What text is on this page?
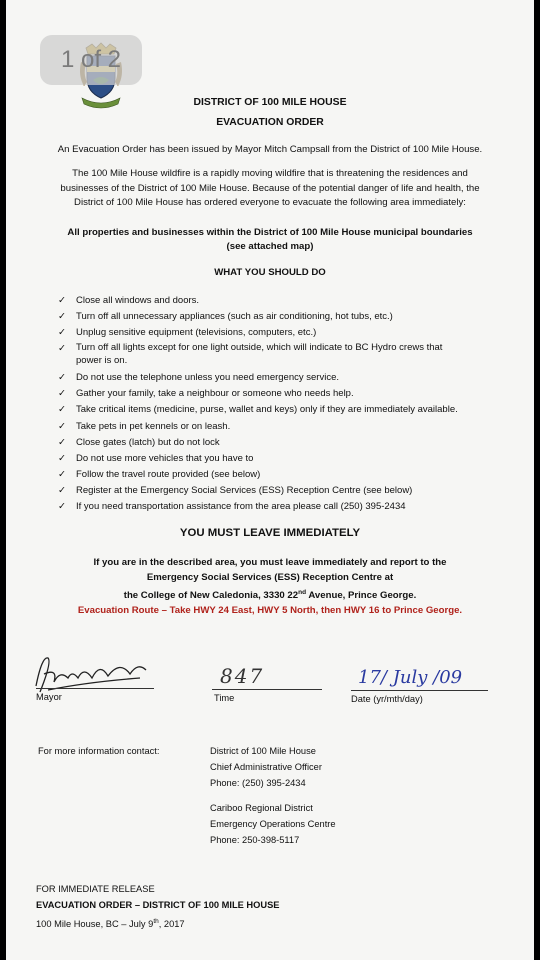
1 of 2
DISTRICT OF 100 MILE HOUSE
EVACUATION ORDER
An Evacuation Order has been issued by Mayor Mitch Campsall from the District of 100 Mile House.
The 100 Mile House wildfire is a rapidly moving wildfire that is threatening the residences and
businesses of the District of 100 Mile House. Because of the potential danger of life and health, the
District of 100 Mile House has ordered everyone to evacuate the following area immediately:
All properties and businesses within the District of 100 Mile House municipal boundaries
(see attached map)
WHAT YOU SHOULD DO
✓ Close all windows and doors.
✓ Turn off all unnecessary appliances (such as air conditioning, hot tubs, etc.)
✓ Unplug sensitive equipment (televisions, computers, etc.)
✓ Turn off all lights except for one light outside, which will indicate to BC Hydro crews that
power is on.
✓ Do not use the telephone unless you need emergency service.
✓ Gather your family, take a neighbour or someone who needs help.
✓ Take critical items (medicine, purse, wallet and keys) only if they are immediately available.
✓ Take pets in pet kennels or on leash.
✓ Close gates (latch) but do not lock
✓ Do not use more vehicles that you have to
✓ Follow the travel route provided (see below)
✓ Register at the Emergency Social Services (ESS) Reception Centre (see below)
✓ If you need transportation assistance from the area please call (250) 395-2434
YOU MUST LEAVE IMMEDIATELY
If you are in the described area, you must leave immediately and report to the
Emergency Social Services (ESS) Reception Centre at
the College of New Caledonia, 3330 22nd Avenue, Prince George.
Evacuation Route – Take HWY 24 East, HWY 5 North, then HWY 16 to Prince George.
Mayor
847
Time
17/ July /09
Date (yr/mth/day)
For more information contact:	District of 100 Mile House
Chief Administrative Officer
Phone: (250) 395-2434
Cariboo Regional District
Emergency Operations Centre
Phone: 250-398-5117
FOR IMMEDIATE RELEASE
EVACUATION ORDER – DISTRICT OF 100 MILE HOUSE
100 Mile House, BC – July 9th, 2017
